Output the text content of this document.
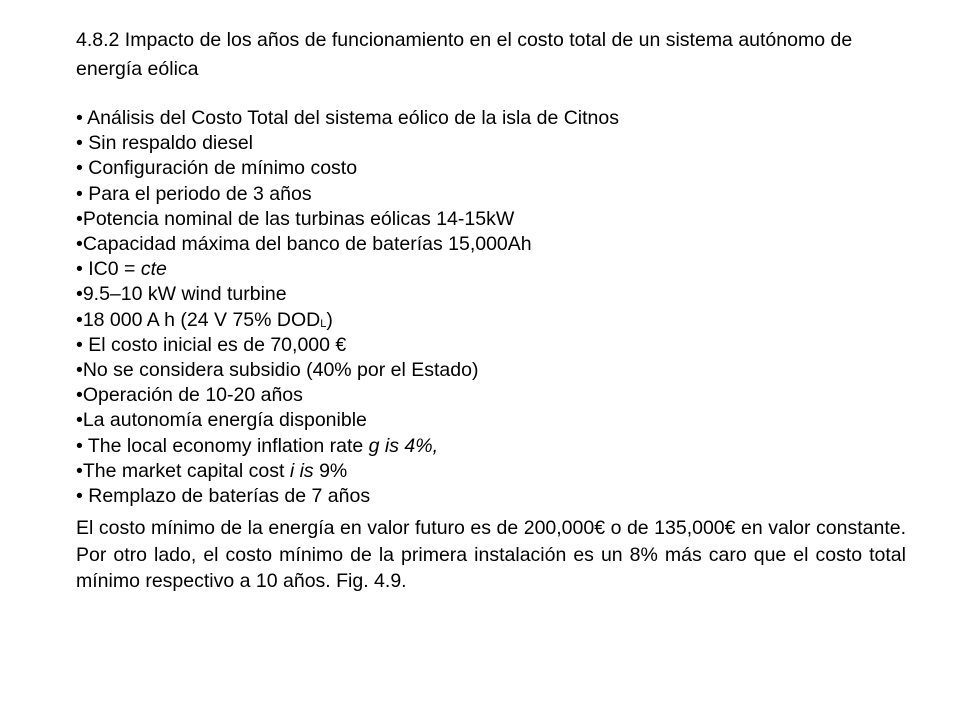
4.8.2 Impacto de los años de funcionamiento en el costo total de un sistema autónomo de energía eólica

• Análisis del Costo Total del sistema eólico de la isla de Citnos
• Sin respaldo diesel
• Configuración de mínimo costo
• Para el periodo de 3 años
•Potencia nominal de las turbinas eólicas 14-15kW
•Capacidad máxima del banco de baterías 15,000Ah
• IC0 = cte
•9.5–10 kW wind turbine
•18 000 A h (24 V 75% $DOD_L$)
• El costo inicial es de 70,000 €
•No se considera subsidio (40% por el Estado)
•Operación de 10-20 años
•La autonomía energía disponible
• The local economy inflation rate g is 4%,
•The market capital cost i is 9%
• Remplazo de baterías de 7 años

El costo mínimo de la energía en valor futuro es de 200,000€ o de 135,000€ en valor constante. Por otro lado, el costo mínimo de la primera instalación es un 8% más caro que el costo total mínimo respectivo a 10 años. Fig. 4.9.
